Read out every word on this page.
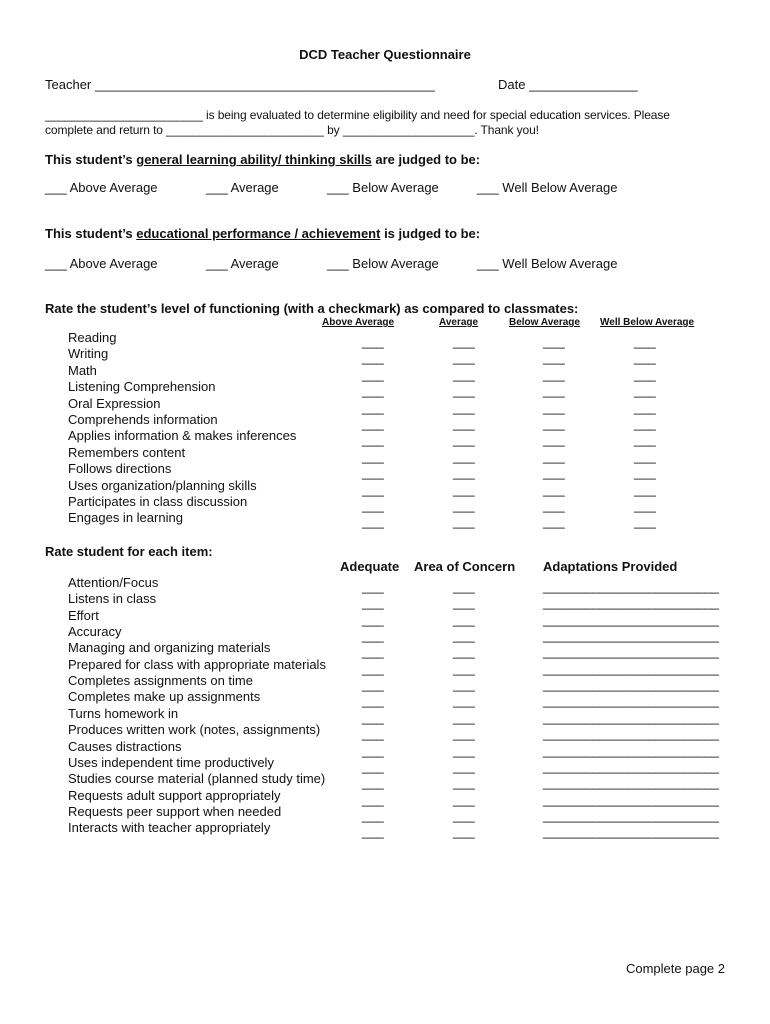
DCD Teacher Questionnaire
Teacher _______________________________________________	Date _______________
________________________ is being evaluated to determine eligibility and need for special education services. Please
complete and return to ________________________ by ____________________. Thank you!
This student’s general learning ability/ thinking skills are judged to be:
___ Above Average	___ Average	___ Below Average	___ Well Below Average
This student’s educational performance / achievement is judged to be:
___ Above Average	___ Average	___ Below Average	___ Well Below Average
Rate the student’s level of functioning (with a checkmark) as compared to classmates:
Above Average	Average	Below Average Well Below Average
Reading	___	___	___	___
Writing	___	___	___	___
Math	___	___	___	___
Listening Comprehension	___	___	___	___
Oral Expression	___	___	___	___
Comprehends information	___	___	___	___
Applies information & makes inferences	___	___	___	___
Remembers content	___	___	___	___
Follows directions	___	___	___	___
Uses organization/planning skills	___	___	___	___
Participates in class discussion	___	___	___	___
Engages in learning	___	___	___	___
Rate student for each item:
Adequate Area of Concern Adaptations Provided
Attention/Focus	___	___	_________________________
Listens in class	___	___	_________________________
Effort	___	___	_________________________
Accuracy	___	___	_________________________
Managing and organizing materials	___	___	_________________________
Prepared for class with appropriate materials	___	___	_________________________
Completes assignments on time	___	___	_________________________
Completes make up assignments	___	___	_________________________
Turns homework in	___	___	_________________________
Produces written work (notes, assignments)	___	___	_________________________
Causes distractions	___	___	_________________________
Uses independent time productively	___	___	_________________________
Studies course material (planned study time)	___	___	_________________________
Requests adult support appropriately	___	___	_________________________
Requests peer support when needed	___	___	_________________________
Interacts with teacher appropriately	___	___	_________________________
Complete page 2
